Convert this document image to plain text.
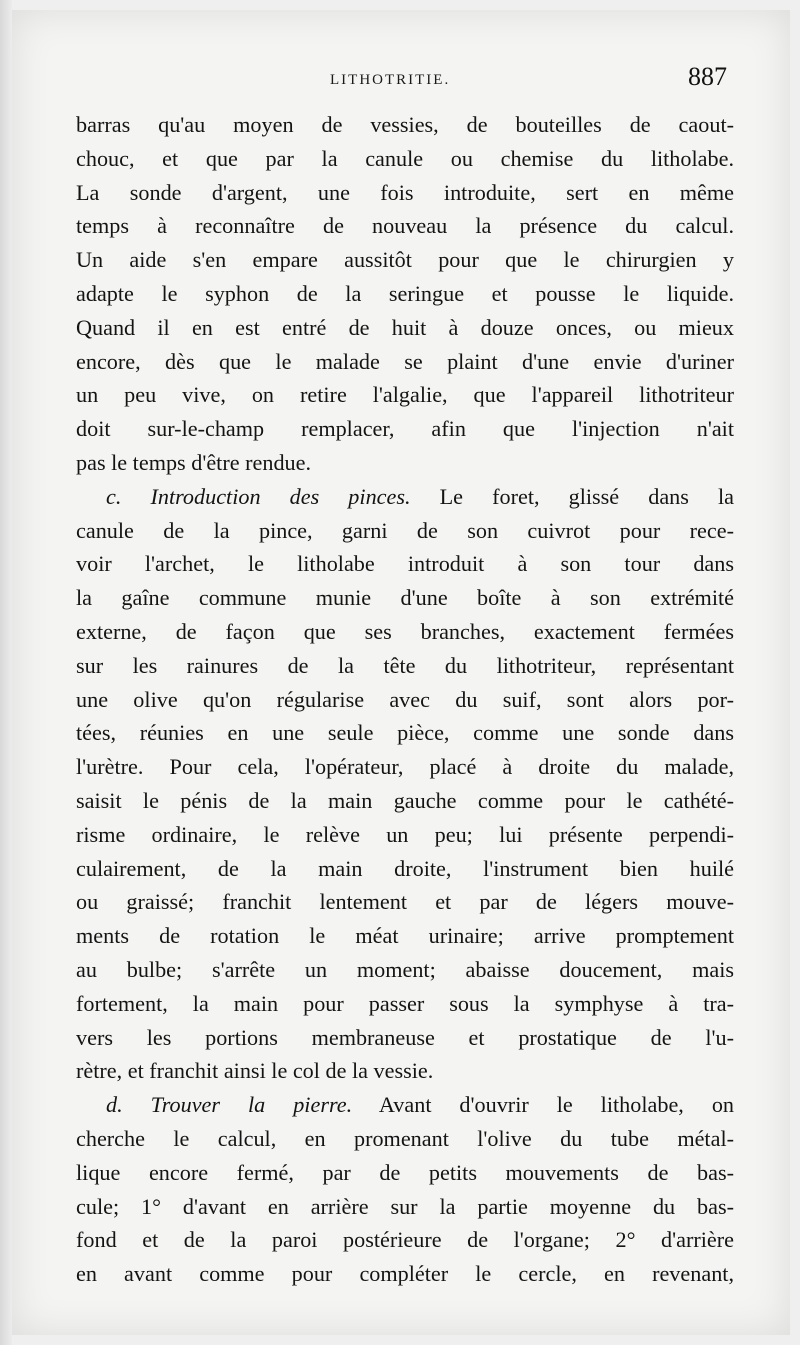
LITHOTRITIE.	887
barras qu'au moyen de vessies, de bouteilles de caout-
chouc, et que par la canule ou chemise du litholabe.
La sonde d'argent, une fois introduite, sert en même
temps à reconnaître de nouveau la présence du calcul.
Un aide s'en empare aussitôt pour que le chirurgien y
adapte le syphon de la seringue et pousse le liquide.
Quand il en est entré de huit à douze onces, ou mieux
encore, dès que le malade se plaint d'une envie d'uriner
un peu vive, on retire l'algalie, que l'appareil lithotriteur
doit sur-le-champ remplacer, afin que l'injection n'ait
pas le temps d'être rendue.
c. Introduction des pinces. Le foret, glissé dans la
canule de la pince, garni de son cuivrot pour rece-
voir l'archet, le litholabe introduit à son tour dans
la gaîne commune munie d'une boîte à son extrémité
externe, de façon que ses branches, exactement fermées
sur les rainures de la tête du lithotriteur, représentant
une olive qu'on régularise avec du suif, sont alors por-
tées, réunies en une seule pièce, comme une sonde dans
l'urètre. Pour cela, l'opérateur, placé à droite du malade,
saisit le pénis de la main gauche comme pour le cathété-
risme ordinaire, le relève un peu; lui présente perpendi-
culairement, de la main droite, l'instrument bien huilé
ou graissé; franchit lentement et par de légers mouve-
ments de rotation le méat urinaire; arrive promptement
au bulbe; s'arrête un moment; abaisse doucement, mais
fortement, la main pour passer sous la symphyse à tra-
vers les portions membraneuse et prostatique de l'u-
rètre, et franchit ainsi le col de la vessie.
d. Trouver la pierre. Avant d'ouvrir le litholabe, on
cherche le calcul, en promenant l'olive du tube métal-
lique encore fermé, par de petits mouvements de bas-
cule; 1° d'avant en arrière sur la partie moyenne du bas-
fond et de la paroi postérieure de l'organe; 2° d'arrière
en avant comme pour compléter le cercle, en revenant,
